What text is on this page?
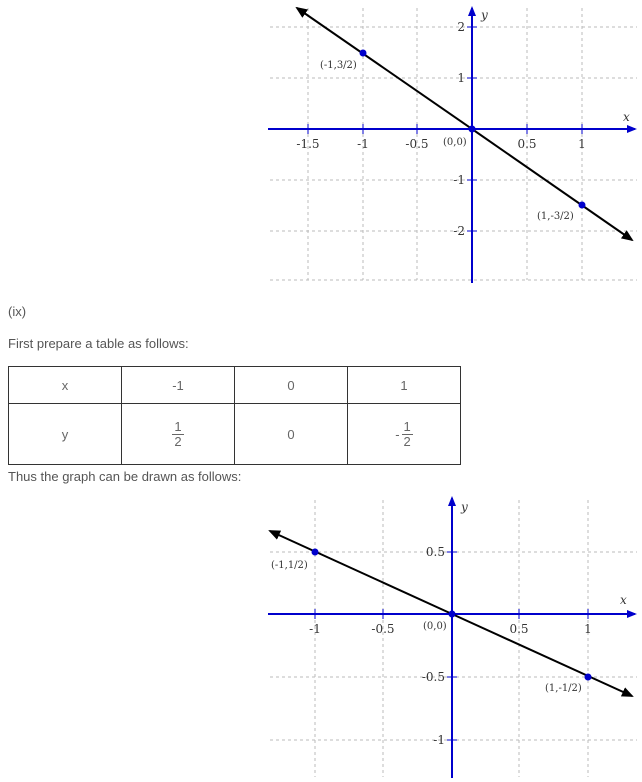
-1.5	-1	-0.5	0.5	1
2
1
-1
-2
x
y
(-1,3/2)
(0,0)
(1,-3/2)
(ix)
First prepare a table as follows:
x	-1	0	1
y	$\frac{1}{2}$	0	- $\frac{1}{2}$
Thus the graph can be drawn as follows:
-1	-0.5	0.5	1
0.5
-0.5
-1
x
y
(-1,1/2)
(0,0)
(1,-1/2)
